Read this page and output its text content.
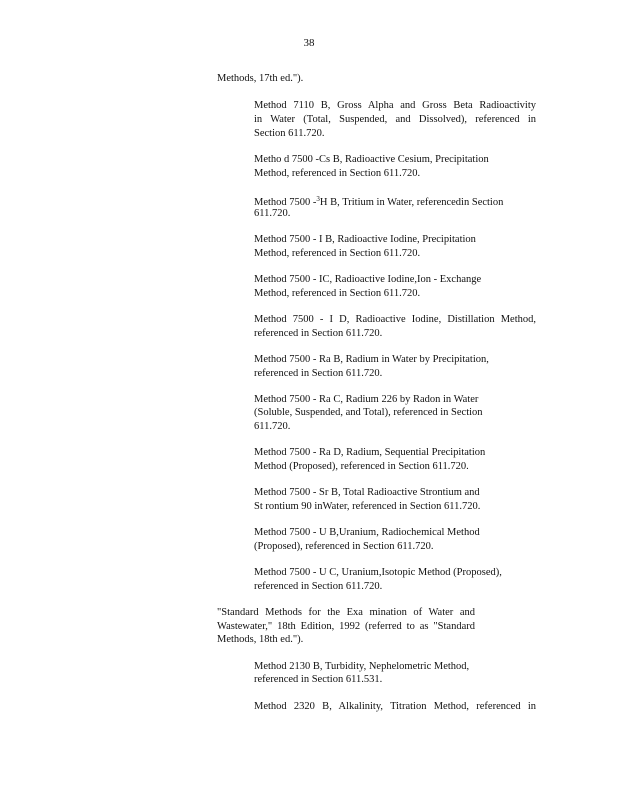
38
Methods, 17th ed.").
Method 7110 B, Gross Alpha and Gross Beta Radioactivity
in Water (Total, Suspended, and Dissolved), referenced in
Section 611.720.
Metho d 7500 -Cs B, Radioactive Cesium, Precipitation
Method, referenced in Section 611.720.
Method 7500 -$^3$H B, Tritium in Water, referencedin Section
611.720.
Method 7500 - I B, Radioactive Iodine, Precipitation
Method, referenced in Section 611.720.
Method 7500 - IC, Radioactive Iodine,Ion - Exchange
Method, referenced in Section 611.720.
Method 7500 - I D, Radioactive Iodine, Distillation Method,
referenced in Section 611.720.
Method 7500 - Ra B, Radium in Water by Precipitation,
referenced in Section 611.720.
Method 7500 - Ra C, Radium 226 by Radon in Water
(Soluble, Suspended, and Total), referenced in Section
611.720.
Method 7500 - Ra D, Radium, Sequential Precipitation
Method (Proposed), referenced in Section 611.720.
Method 7500 - Sr B, Total Radioactive Strontium and
St rontium 90 inWater, referenced in Section 611.720.
Method 7500 - U B,Uranium, Radiochemical Method
(Proposed), referenced in Section 611.720.
Method 7500 - U C, Uranium,Isotopic Method (Proposed),
referenced in Section 611.720.
"Standard Methods for the Exa mination of Water and
Wastewater," 18th Edition, 1992 (referred to as "Standard
Methods, 18th ed.").
Method 2130 B, Turbidity, Nephelometric Method,
referenced in Section 611.531.
Method 2320 B, Alkalinity, Titration Method, referenced in
